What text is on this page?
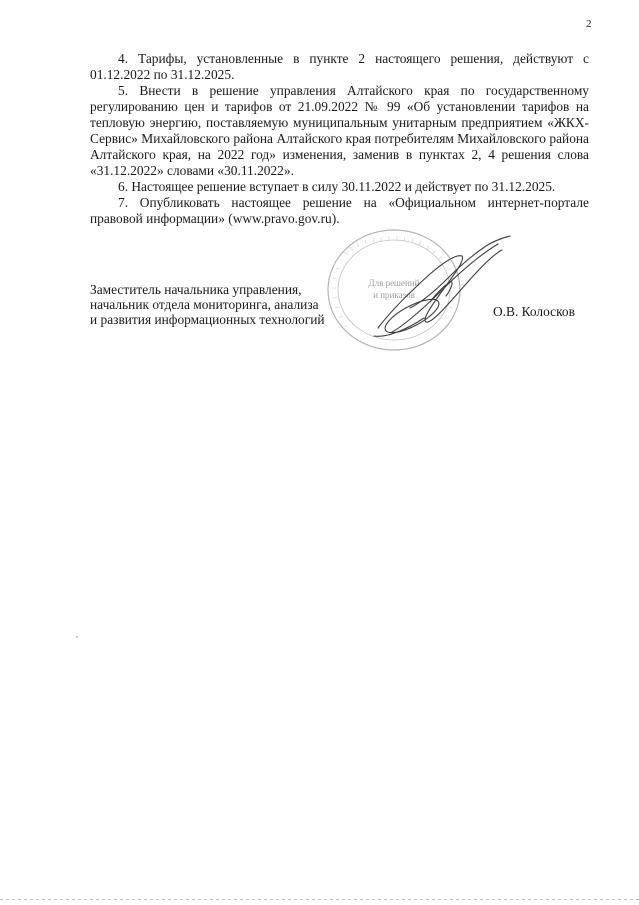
2

4. Тарифы, установленные в пункте 2 настоящего решения, действуют с 01.12.2022 по 31.12.2025.

5. Внести в решение управления Алтайского края по государственному регулированию цен и тарифов от 21.09.2022 № 99 «Об установлении тарифов на тепловую энергию, поставляемую муниципальным унитарным предприятием «ЖКХ-Сервис» Михайловского района Алтайского края потребителям Михайловского района Алтайского края, на 2022 год» изменения, заменив в пунктах 2, 4 решения слова «31.12.2022» словами «30.11.2022».

6. Настоящее решение вступает в силу 30.11.2022 и действует по 31.12.2025.

7. Опубликовать настоящее решение на «Официальном интернет-портале правовой информации» (www.pravo.gov.ru).

Заместитель начальника управления,
начальник отдела мониторинга, анализа
и развития информационных технологий
Для решений
и приказов
О.В. Колосков
